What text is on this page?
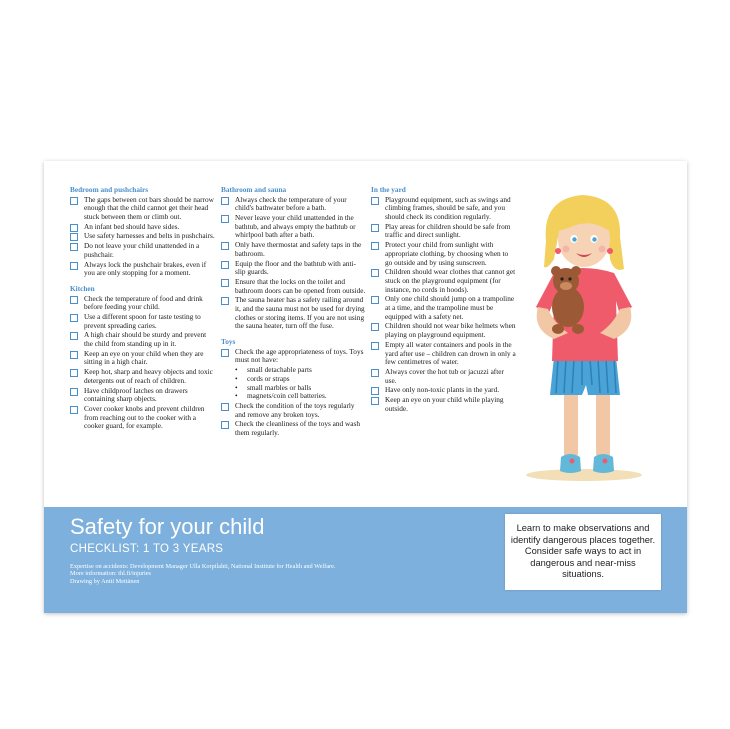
Bedroom and pushchairs
The gaps between cot bars should be narrow enough that the child cannot get their head stuck between them or climb out.
An infant bed should have sides.
Use safety harnesses and belts in pushchairs.
Do not leave your child unattended in a pushchair.
Always lock the pushchair brakes, even if you are only stopping for a moment.
Kitchen
Check the temperature of food and drink before feeding your child.
Use a different spoon for taste testing to prevent spreading caries.
A high chair should be sturdy and prevent the child from standing up in it.
Keep an eye on your child when they are sitting in a high chair.
Keep hot, sharp and heavy objects and toxic detergents out of reach of children.
Have childproof latches on drawers containing sharp objects.
Cover cooker knobs and prevent children from reaching out to the cooker with a cooker guard, for example.
Bathroom and sauna
Always check the temperature of your child's bathwater before a bath.
Never leave your child unattended in the bathtub, and always empty the bathtub or whirlpool bath after a bath.
Only have thermostat and safety taps in the bathroom.
Equip the floor and the bathtub with anti-slip guards.
Ensure that the locks on the toilet and bathroom doors can be opened from outside.
The sauna heater has a safety railing around it, and the sauna must not be used for drying clothes or storing items. If you are not using the sauna heater, turn off the fuse.
Toys
Check the age appropriateness of toys. Toys must not have:
• small detachable parts
• cords or straps
• small marbles or balls
• magnets/coin cell batteries.
Check the condition of the toys regularly and remove any broken toys.
Check the cleanliness of the toys and wash them regularly.
In the yard
Playground equipment, such as swings and climbing frames, should be safe, and you should check its condition regularly.
Play areas for children should be safe from traffic and direct sunlight.
Protect your child from sunlight with appropriate clothing, by choosing when to go outside and by using sunscreen.
Children should wear clothes that cannot get stuck on the playground equipment (for instance, no cords in hoods).
Only one child should jump on a trampoline at a time, and the trampoline must be equipped with a safety net.
Children should not wear bike helmets when playing on playground equipment.
Empty all water containers and pools in the yard after use – children can drown in only a few centimetres of water.
Always cover the hot tub or jacuzzi after use.
Have only non-toxic plants in the yard.
Keep an eye on your child while playing outside.
Safety for your child
CHECKLIST: 1 TO 3 YEARS
Expertise on accidents: Development Manager Ulla Korpilahti, National Institute for Health and Welfare.
More information: thl.fi/injuries
Drawing by Antti Mettänen
Learn to make observations and identify dangerous places together. Consider safe ways to act in dangerous and near-miss situations.
